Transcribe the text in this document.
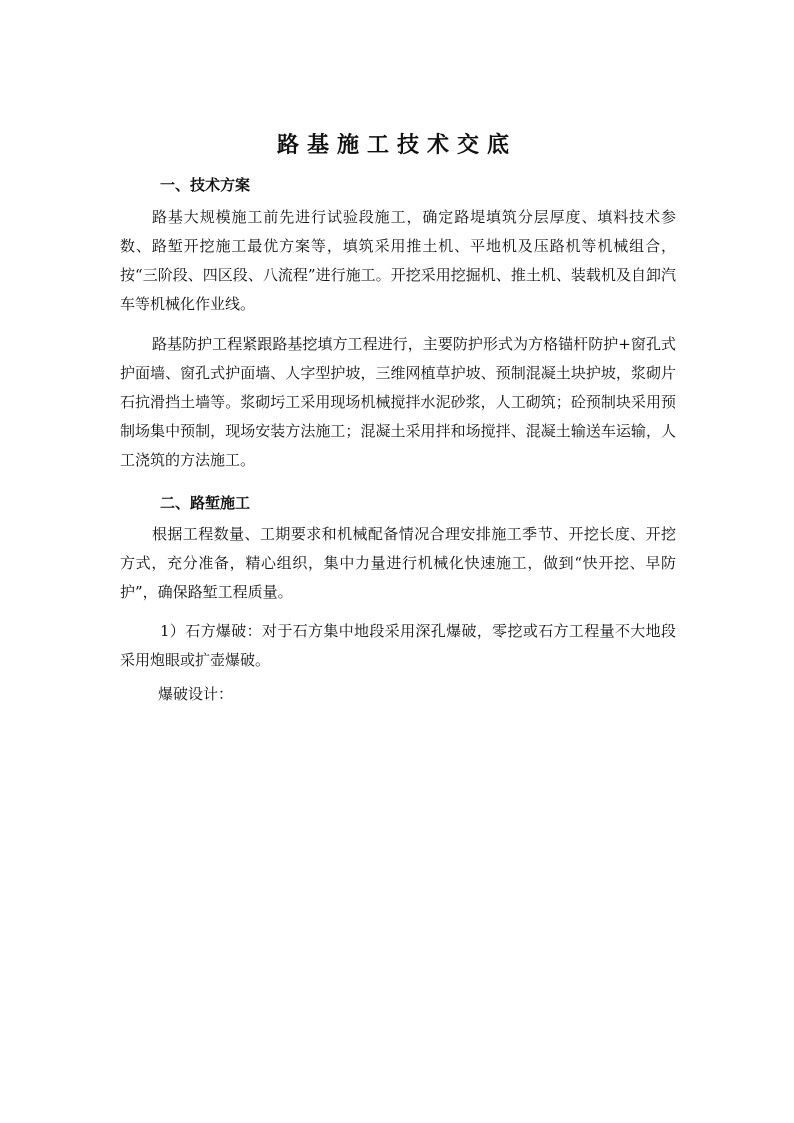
路基施工技术交底
一、技术方案

路基大规模施工前先进行试验段施工，确定路堤填筑分层厚度、填料技术参数、路堑开挖施工最优方案等，填筑采用推土机、平地机及压路机等机械组合，按“三阶段、四区段、八流程”进行施工。开挖采用挖掘机、推土机、装载机及自卸汽车等机械化作业线。

路基防护工程紧跟路基挖填方工程进行，主要防护形式为方格锚杆防护+窗孔式护面墙、窗孔式护面墙、人字型护坡，三维网植草护坡、预制混凝土块护坡，浆砌片石抗滑挡土墙等。浆砌圬工采用现场机械搅拌水泥砂浆，人工砌筑；砼预制块采用预制场集中预制，现场安装方法施工；混凝土采用拌和场搅拌、混凝土输送车运输，人工浇筑的方法施工。

二、路堑施工

根据工程数量、工期要求和机械配备情况合理安排施工季节、开挖长度、开挖方式，充分准备，精心组织，集中力量进行机械化快速施工，做到“快开挖、早防护”，确保路堑工程质量。

1）石方爆破：对于石方集中地段采用深孔爆破，零挖或石方工程量不大地段采用炮眼或扩壶爆破。

爆破设计：
